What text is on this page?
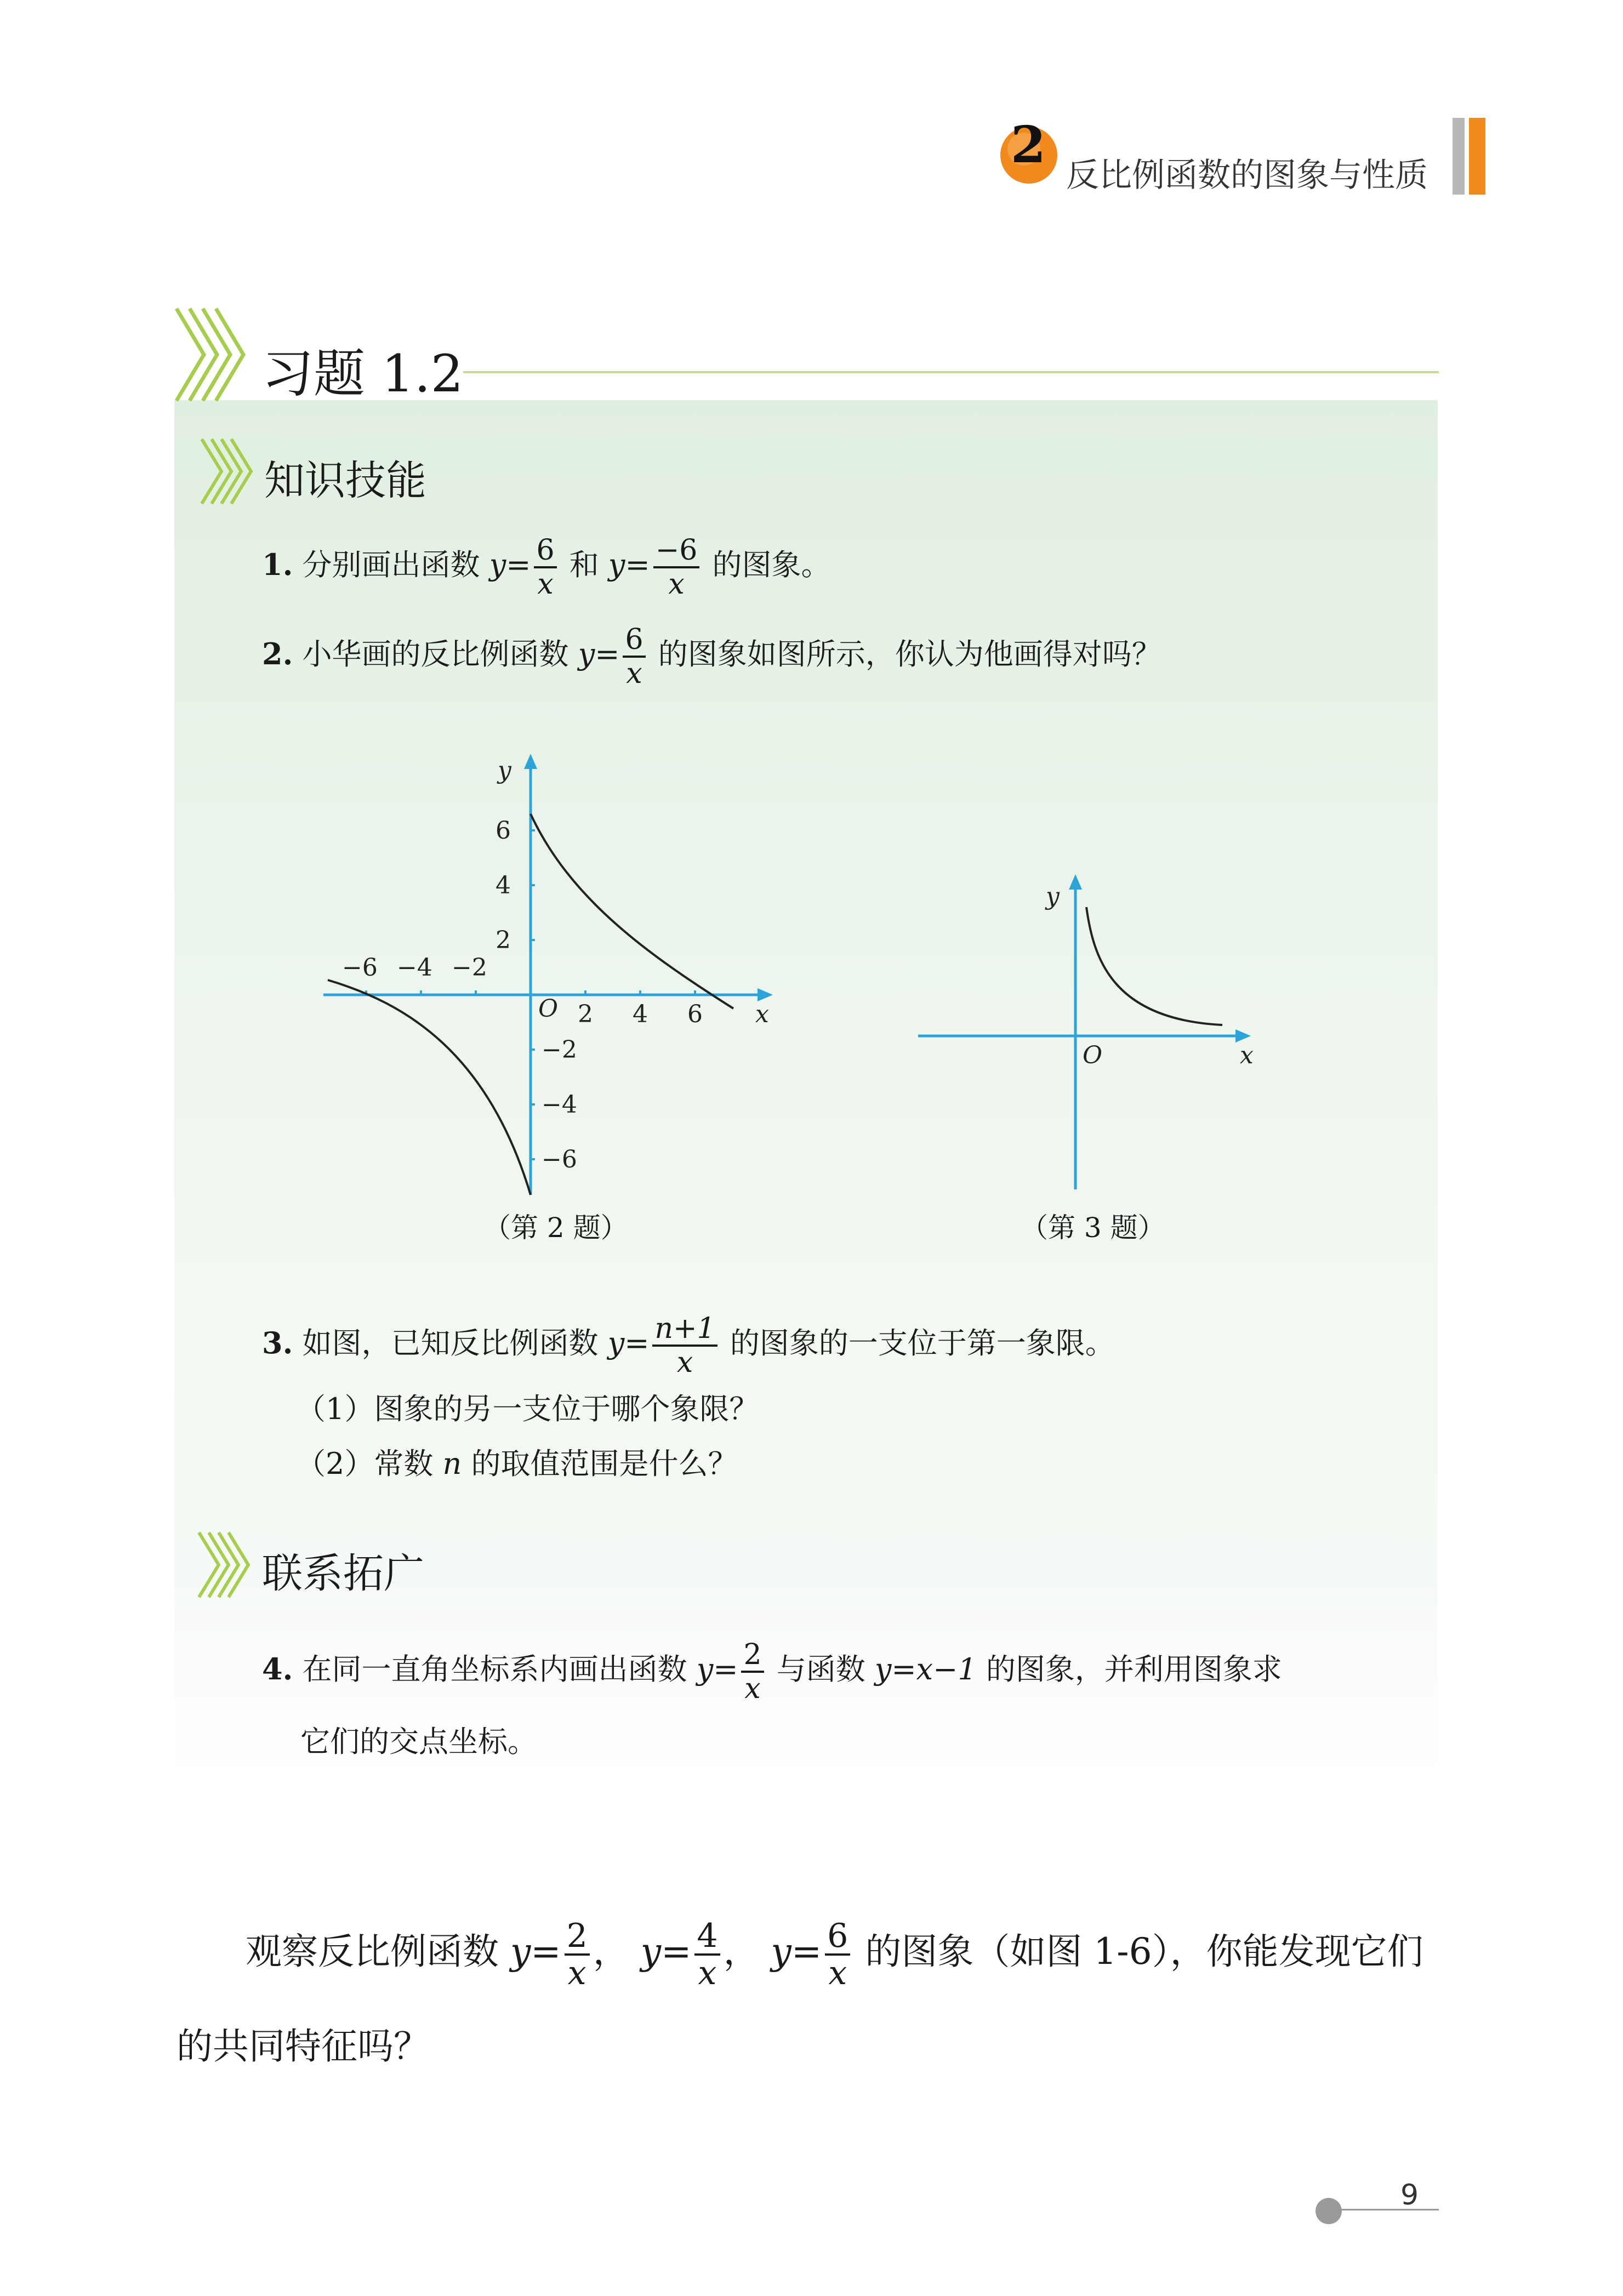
2
反比例函数的图象与性质
习题 1.2
知识技能
1. 分别画出函数 $y= \frac{6}{x}$ 和 $y= \frac{-6}{x}$ 的图象。
2. 小华画的反比例函数 $y= \frac{6}{x}$ 的图象如图所示，你认为他画得对吗？
y
x
O
−6 −4 −2
2 4 6
6
4
2
−2
−4
−6
（第 2 题）
y
x
O
（第 3 题）
3. 如图，已知反比例函数 $y= \frac{n+1}{x}$ 的图象的一支位于第一象限。
（1）图象的另一支位于哪个象限？
（2）常数 n 的取值范围是什么？
联系拓广
4. 在同一直角坐标系内画出函数 $y= \frac{2}{x}$ 与函数 y=x−1 的图象，并利用图象求
它们的交点坐标。
观察反比例函数 $y= \frac{2}{x}$ ， $y= \frac{4}{x}$ ， $y= \frac{6}{x}$ 的图象（如图 1-6），你能发现它们
的共同特征吗？
9
